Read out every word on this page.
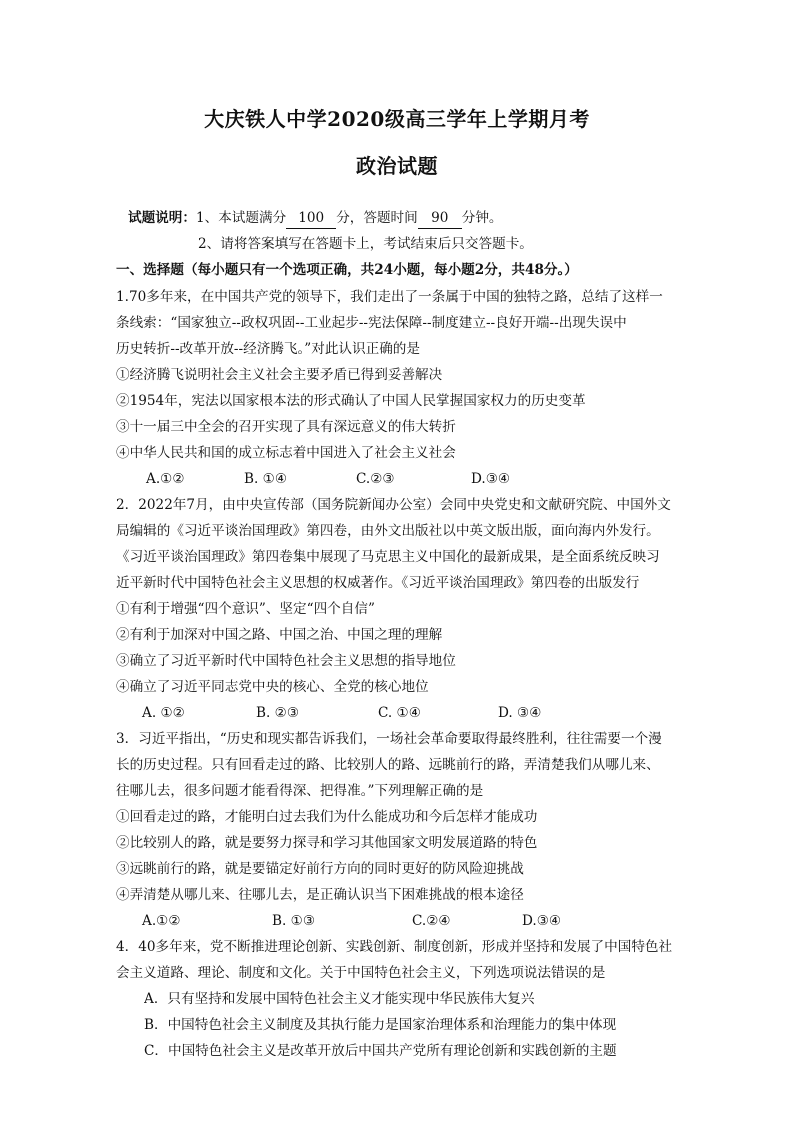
大庆铁人中学2020级高三学年上学期月考
政治试题
试题说明：1、本试题满分 100 分，答题时间 90 分钟。
2、请将答案填写在答题卡上，考试结束后只交答题卡。
一、选择题（每小题只有一个选项正确，共24小题，每小题2分，共48分。）
1.70多年来，在中国共产党的领导下，我们走出了一条属于中国的独特之路，总结了这样一
条线索：“国家独立--政权巩固--工业起步--宪法保障--制度建立--良好开端--出现失误中
历史转折--改革开放--经济腾飞。”对此认识正确的是
①经济腾飞说明社会主义社会主要矛盾已得到妥善解决
②1954年，宪法以国家根本法的形式确认了中国人民掌握国家权力的历史变革
③十一届三中全会的召开实现了具有深远意义的伟大转折
④中华人民共和国的成立标志着中国进入了社会主义社会
A.①②	B. ①④	C.②③	D.③④
2．2022年7月，由中央宣传部（国务院新闻办公室）会同中央党史和文献研究院、中国外文
局编辑的《习近平谈治国理政》第四卷，由外文出版社以中英文版出版，面向海内外发行。
《习近平谈治国理政》第四卷集中展现了马克思主义中国化的最新成果，是全面系统反映习
近平新时代中国特色社会主义思想的权威著作。《习近平谈治国理政》第四卷的出版发行
①有利于增强“四个意识”、坚定“四个自信”
②有利于加深对中国之路、中国之治、中国之理的理解
③确立了习近平新时代中国特色社会主义思想的指导地位
④确立了习近平同志党中央的核心、全党的核心地位
A. ①②	B. ②③	C. ①④	D. ③④
3．习近平指出，“历史和现实都告诉我们，一场社会革命要取得最终胜利，往往需要一个漫
长的历史过程。只有回看走过的路、比较别人的路、远眺前行的路，弄清楚我们从哪儿来、
往哪儿去，很多问题才能看得深、把得准。”下列理解正确的是
①回看走过的路，才能明白过去我们为什么能成功和今后怎样才能成功
②比较别人的路，就是要努力探寻和学习其他国家文明发展道路的特色
③远眺前行的路，就是要锚定好前行方向的同时更好的防风险迎挑战
④弄清楚从哪儿来、往哪儿去，是正确认识当下困难挑战的根本途径
A.①②	B. ①③	C.②④	D.③④
4．40多年来，党不断推进理论创新、实践创新、制度创新，形成并坚持和发展了中国特色社
会主义道路、理论、制度和文化。关于中国特色社会主义，下列选项说法错误的是
A．只有坚持和发展中国特色社会主义才能实现中华民族伟大复兴
B．中国特色社会主义制度及其执行能力是国家治理体系和治理能力的集中体现
C．中国特色社会主义是改革开放后中国共产党所有理论创新和实践创新的主题
